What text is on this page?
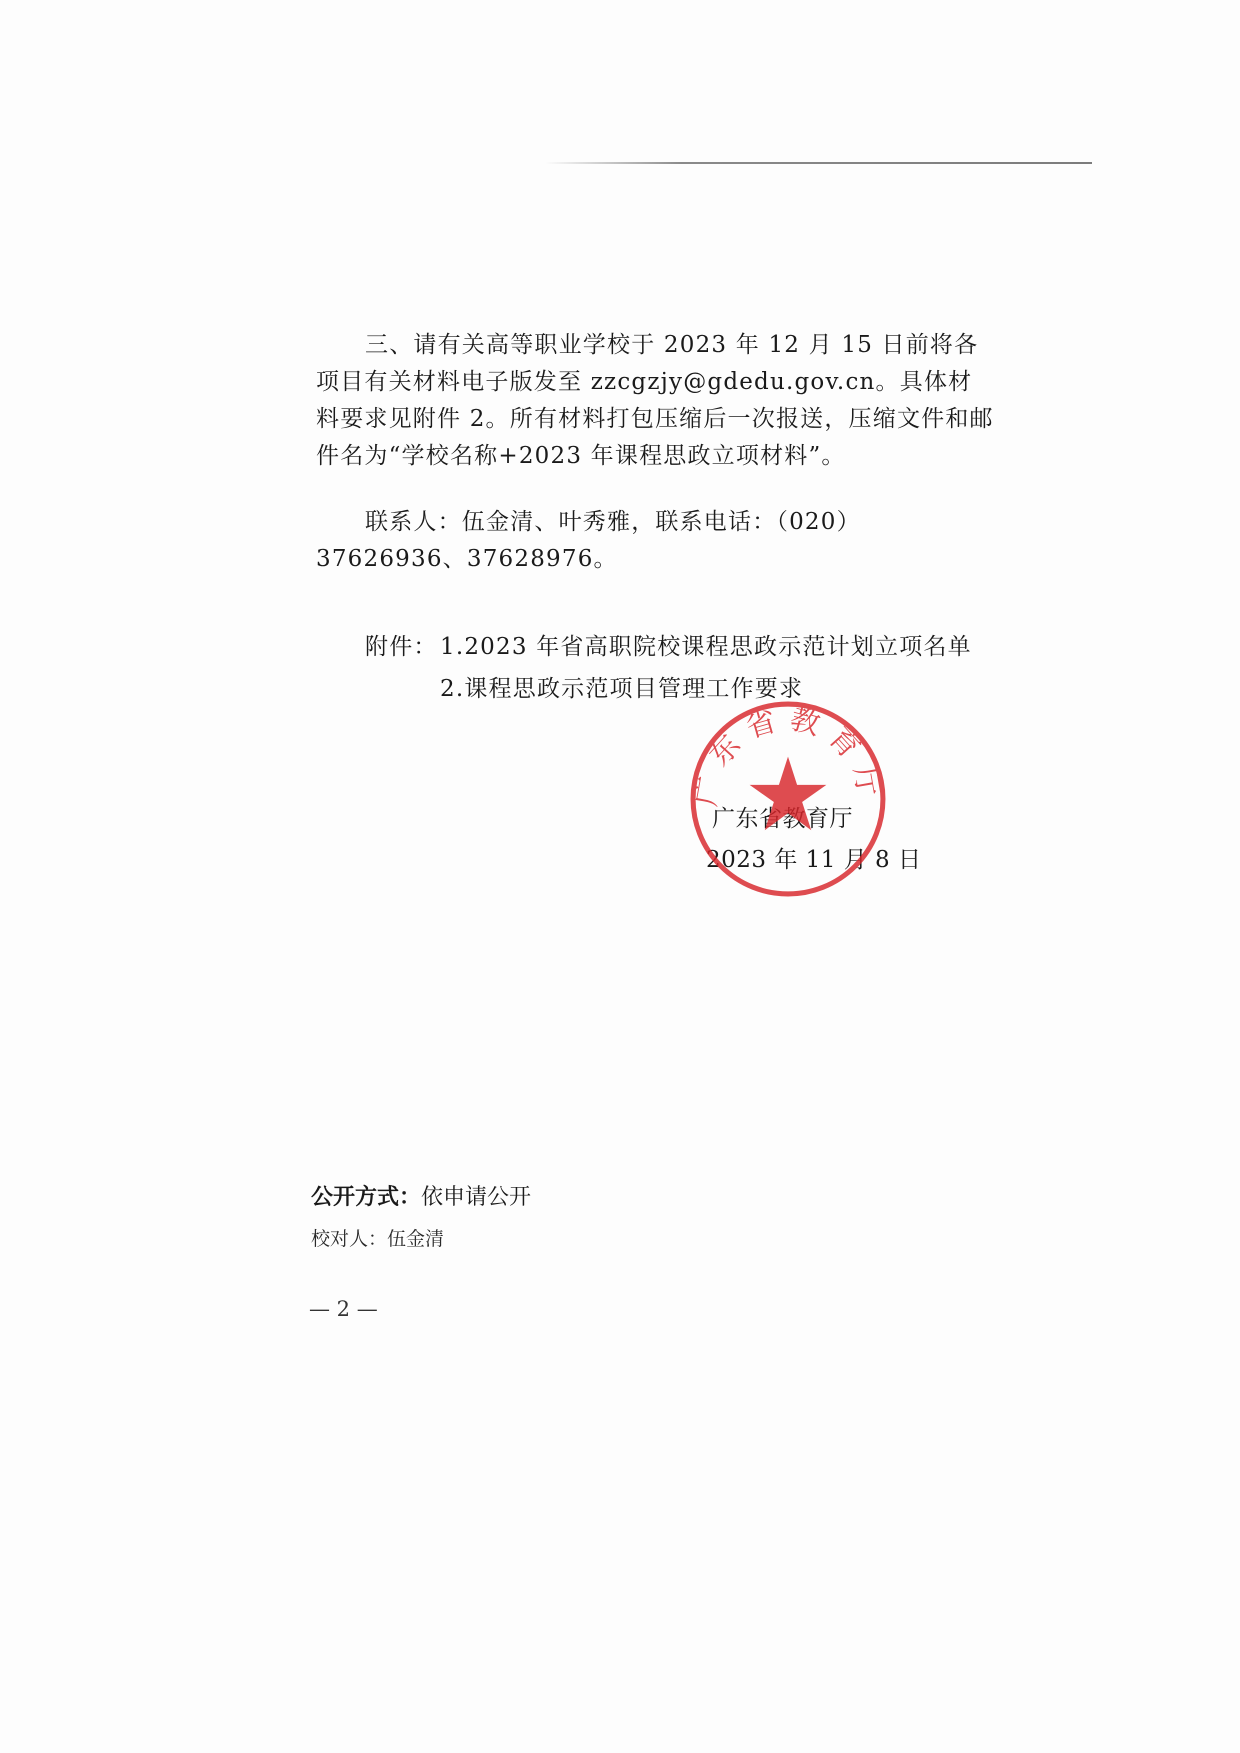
三、请有关高等职业学校于 2023 年 12 月 15 日前将各项目有关材料电子版发至 zzcgzjy@gdedu.gov.cn。具体材料要求见附件 2。所有材料打包压缩后一次报送，压缩文件和邮件名为“学校名称+2023 年课程思政立项材料”。

联系人：伍金清、叶秀雅，联系电话：（020）37626936、37628976。

附件： 1.2023 年省高职院校课程思政示范计划立项名单
2.课程思政示范项目管理工作要求
广东省教育厅
2023 年 11 月 8 日
广东省教育厅
公开方式：依申请公开
校对人：伍金清
— 2 —
